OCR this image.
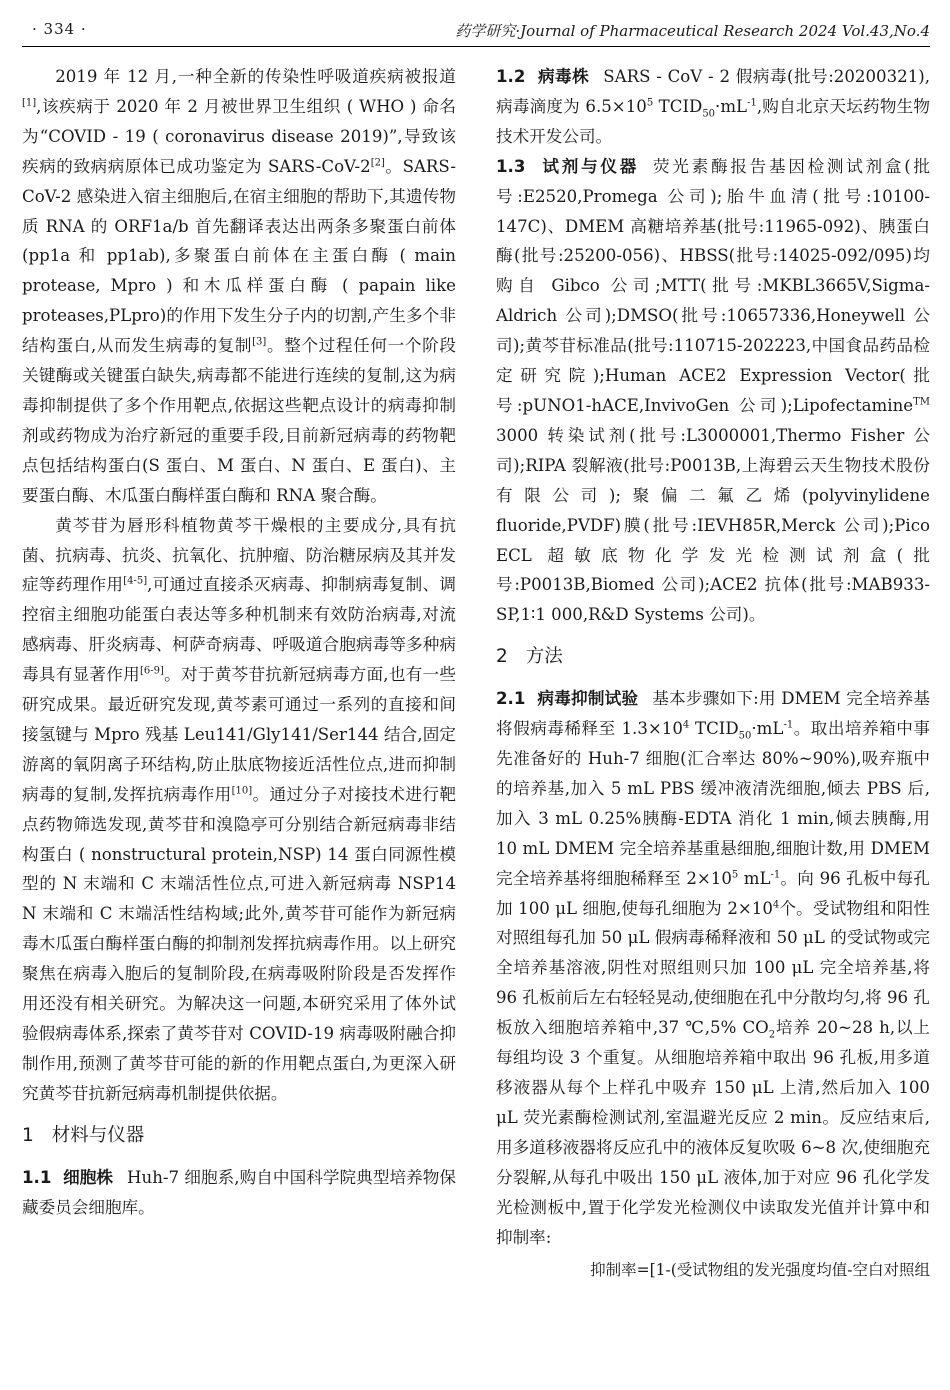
· 334 ·	药学研究·Journal of Pharmaceutical Research 2024 Vol.43,No.4

2019 年 12 月,一种全新的传染性呼吸道疾病被报道[1],该疾病于 2020 年 2 月被世界卫生组织 ( WHO ) 命名为“COVID - 19 ( coronavirus disease 2019)”,导致该疾病的致病病原体已成功鉴定为 SARS-CoV-2[2]。SARS-CoV-2 感染进入宿主细胞后,在宿主细胞的帮助下,其遗传物质 RNA 的 ORF1a/b 首先翻译表达出两条多聚蛋白前体(pp1a 和 pp1ab),多聚蛋白前体在主蛋白酶 ( main protease, Mpro ) 和木瓜样蛋白酶 ( papain like proteases,PLpro)的作用下发生分子内的切割,产生多个非结构蛋白,从而发生病毒的复制[3]。整个过程任何一个阶段关键酶或关键蛋白缺失,病毒都不能进行连续的复制,这为病毒抑制提供了多个作用靶点,依据这些靶点设计的病毒抑制剂或药物成为治疗新冠的重要手段,目前新冠病毒的药物靶点包括结构蛋白(S 蛋白、M 蛋白、N 蛋白、E 蛋白)、主要蛋白酶、木瓜蛋白酶样蛋白酶和 RNA 聚合酶。

黄芩苷为唇形科植物黄芩干燥根的主要成分,具有抗菌、抗病毒、抗炎、抗氧化、抗肿瘤、防治糖尿病及其并发症等药理作用[4-5],可通过直接杀灭病毒、抑制病毒复制、调控宿主细胞功能蛋白表达等多种机制来有效防治病毒,对流感病毒、肝炎病毒、柯萨奇病毒、呼吸道合胞病毒等多种病毒具有显著作用[6-9]。对于黄芩苷抗新冠病毒方面,也有一些研究成果。最近研究发现,黄芩素可通过一系列的直接和间接氢键与 Mpro 残基 Leu141/Gly141/Ser144 结合,固定游离的氧阴离子环结构,防止肽底物接近活性位点,进而抑制病毒的复制,发挥抗病毒作用[10]。通过分子对接技术进行靶点药物筛选发现,黄芩苷和溴隐亭可分别结合新冠病毒非结构蛋白 ( nonstructural protein,NSP) 14 蛋白同源性模型的 N 末端和 C 末端活性位点,可进入新冠病毒 NSP14 N 末端和 C 末端活性结构域;此外,黄芩苷可能作为新冠病毒木瓜蛋白酶样蛋白酶的抑制剂发挥抗病毒作用。以上研究聚焦在病毒入胞后的复制阶段,在病毒吸附阶段是否发挥作用还没有相关研究。为解决这一问题,本研究采用了体外试验假病毒体系,探索了黄芩苷对 COVID-19 病毒吸附融合抑制作用,预测了黄芩苷可能的新的作用靶点蛋白,为更深入研究黄芩苷抗新冠病毒机制提供依据。

1 材料与仪器

1.1 细胞株 Huh-7 细胞系,购自中国科学院典型培养物保藏委员会细胞库。

1.2 病毒株 SARS - CoV - 2 假病毒(批号:20200321),病毒滴度为 $6.5\times 10^5$ $TCID_{50}\cdot mL^{-1}$,购自北京天坛药物生物技术开发公司。

1.3 试剂与仪器 荧光素酶报告基因检测试剂盒(批号:E2520,Promega 公司);胎牛血清(批号:10100-147C)、DMEM 高糖培养基(批号:11965-092)、胰蛋白酶(批号:25200-056)、HBSS(批号:14025-092/095)均购自 Gibco 公司;MTT(批号:MKBL3665V,Sigma-Aldrich 公司);DMSO(批号:10657336,Honeywell 公司);黄芩苷标准品(批号:110715-202223,中国食品药品检定研究院);Human ACE2 Expression Vector(批号:pUNO1-hACE,InvivoGen 公司);Lipofectamine™ 3000 转染试剂(批号:L3000001,Thermo Fisher 公司);RIPA 裂解液(批号:P0013B,上海碧云天生物技术股份有限公司);聚偏二氟乙烯(polyvinylidene fluoride,PVDF)膜(批号:IEVH85R,Merck 公司);Pico ECL 超敏底物化学发光检测试剂盒(批号:P0013B,Biomed 公司);ACE2 抗体(批号:MAB933-SP,1∶1 000,R&D Systems 公司)。

2 方法

2.1 病毒抑制试验 基本步骤如下:用 DMEM 完全培养基将假病毒稀释至 $1.3\times 10^4$ $TCID_{50}\cdot mL^{-1}$。取出培养箱中事先准备好的 Huh-7 细胞(汇合率达 80%~90%),吸弃瓶中的培养基,加入 5 mL PBS 缓冲液清洗细胞,倾去 PBS 后,加入 3 mL 0.25%胰酶-EDTA 消化 1 min,倾去胰酶,用 10 mL DMEM 完全培养基重悬细胞,细胞计数,用 DMEM 完全培养基将细胞稀释至 $2\times 10^5$ $mL^{-1}$。向 96 孔板中每孔加 100 μL 细胞,使每孔细胞为 $2\times 10^4$个。受试物组和阳性对照组每孔加 50 μL 假病毒稀释液和 50 μL 的受试物或完全培养基溶液,阴性对照组则只加 100 μL 完全培养基,将 96 孔板前后左右轻轻晃动,使细胞在孔中分散均匀,将 96 孔板放入细胞培养箱中,37 ℃,5% $CO_2$培养 20~28 h,以上每组均设 3 个重复。从细胞培养箱中取出 96 孔板,用多道移液器从每个上样孔中吸弃 150 μL 上清,然后加入 100 μL 荧光素酶检测试剂,室温避光反应 2 min。反应结束后,用多道移液器将反应孔中的液体反复吹吸 6~8 次,使细胞充分裂解,从每孔中吸出 150 μL 液体,加于对应 96 孔化学发光检测板中,置于化学发光检测仪中读取发光值并计算中和抑制率:

抑制率=[1-(受试物组的发光强度均值-空白对照组
